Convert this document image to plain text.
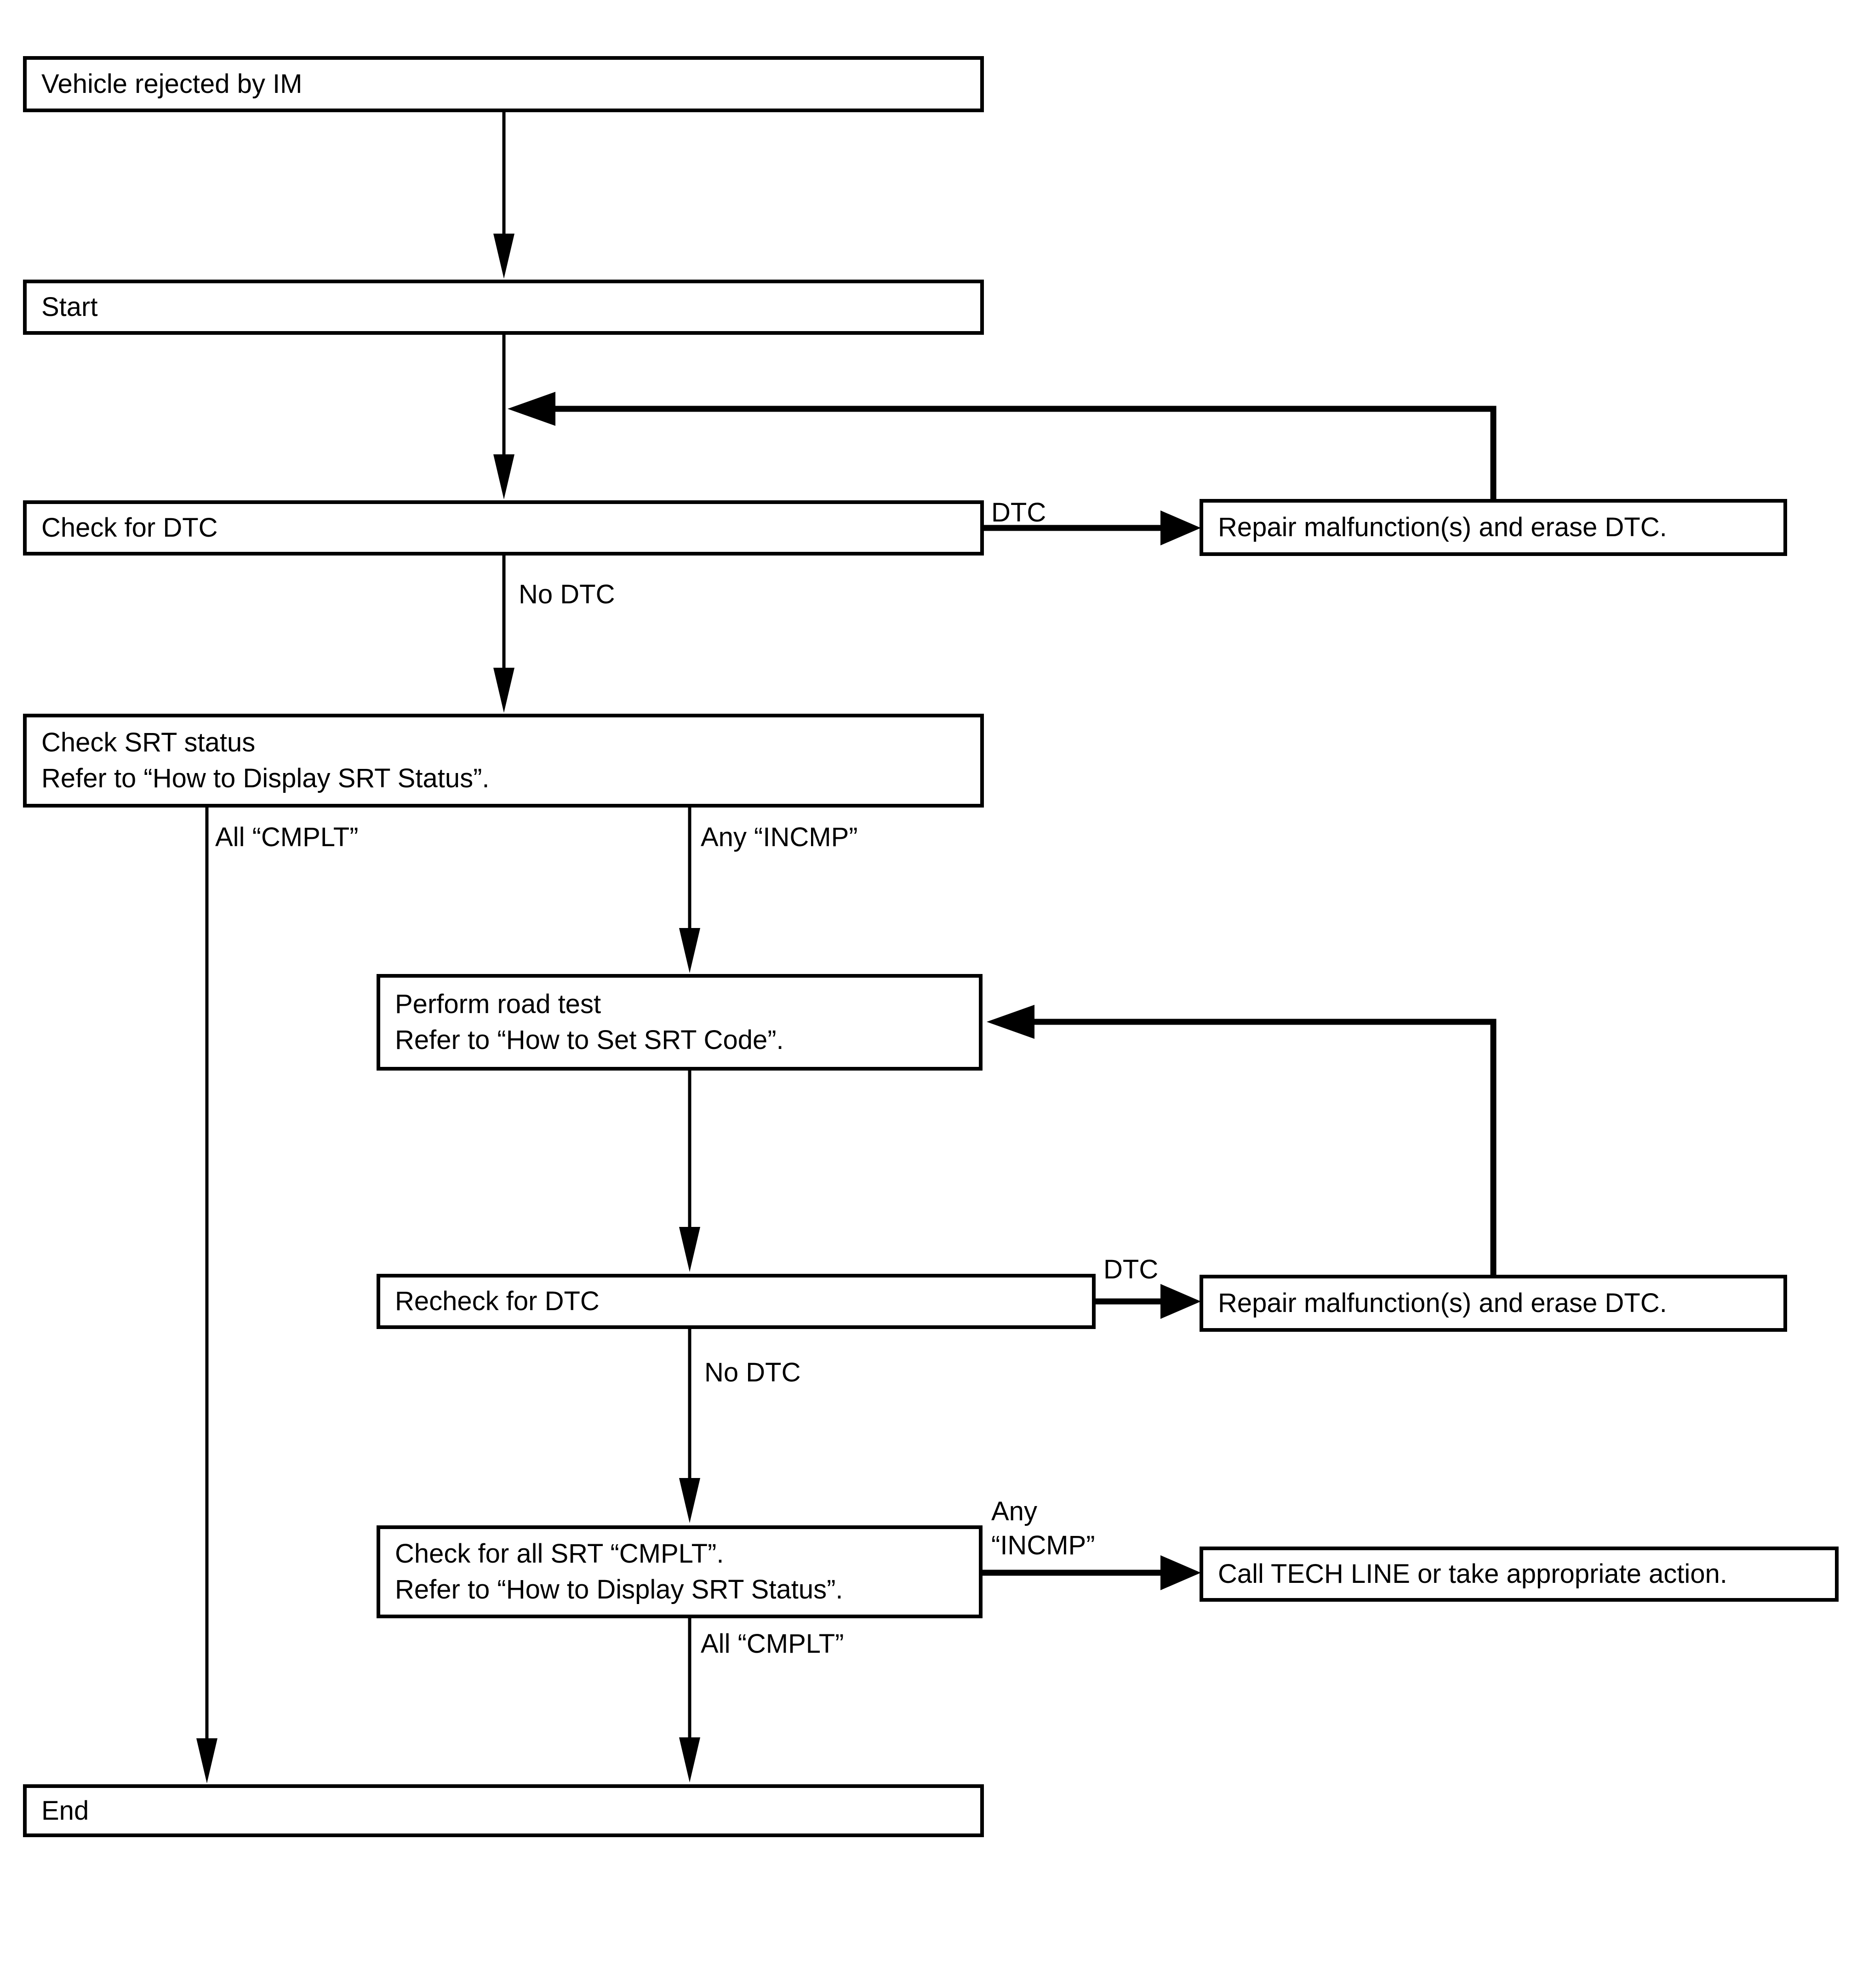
Vehicle rejected by IM
Start
Check for DTC	Repair malfunction(s) and erase DTC.
Check SRT status
Refer to “How to Display SRT Status”.
Perform road test
Refer to “How to Set SRT Code”.
Recheck for DTC	Repair malfunction(s) and erase DTC.
Check for all SRT “CMPLT”.
Refer to “How to Display SRT Status”.
Call TECH LINE or take appropriate action.
End
DTC
No DTC
All “CMPLT”	Any “INCMP”
DTC
No DTC
Any
“INCMP”
All “CMPLT”
